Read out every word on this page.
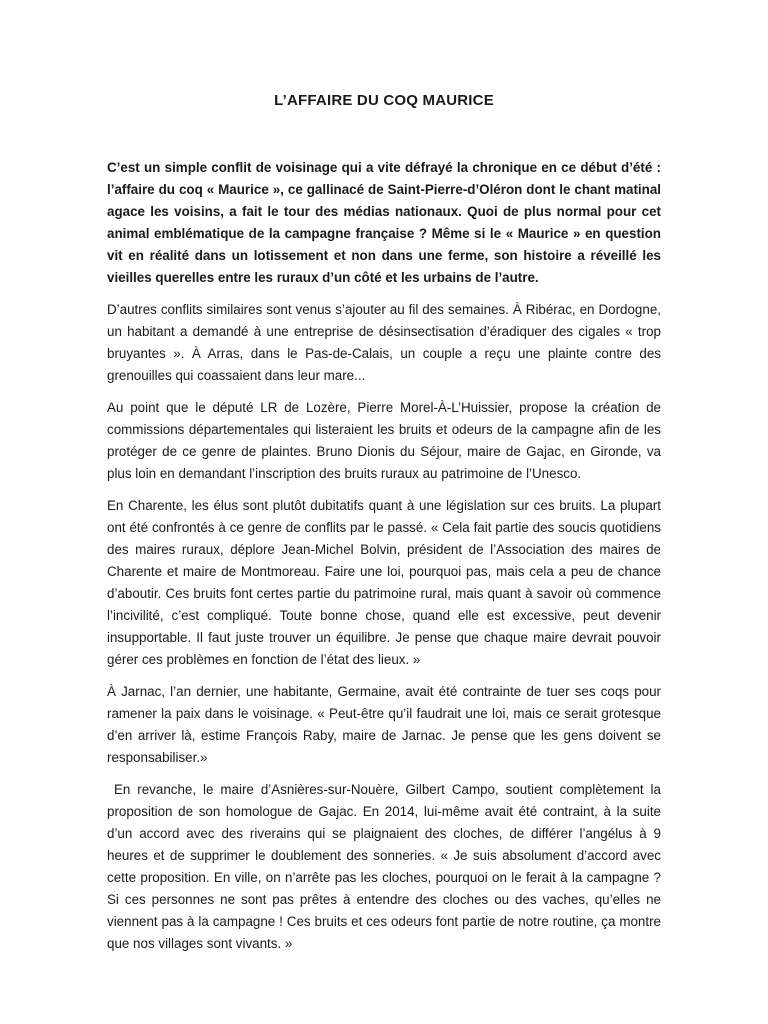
L’AFFAIRE DU COQ MAURICE

C’est un simple conflit de voisinage qui a vite défrayé la chronique en ce début d’été : l’affaire du coq « Maurice », ce gallinacé de Saint-Pierre-d’Oléron dont le chant matinal agace les voisins, a fait le tour des médias nationaux. Quoi de plus normal pour cet animal emblématique de la campagne française ? Même si le « Maurice » en question vit en réalité dans un lotissement et non dans une ferme, son histoire a réveillé les vieilles querelles entre les ruraux d’un côté et les urbains de l’autre.

D’autres conflits similaires sont venus s’ajouter au fil des semaines. À Ribérac, en Dordogne, un habitant a demandé à une entreprise de désinsectisation d’éradiquer des cigales « trop bruyantes ». À Arras, dans le Pas-de-Calais, un couple a reçu une plainte contre des grenouilles qui coassaient dans leur mare...

Au point que le député LR de Lozère, Pierre Morel-À-L’Huissier, propose la création de commissions départementales qui listeraient les bruits et odeurs de la campagne afin de les protéger de ce genre de plaintes. Bruno Dionis du Séjour, maire de Gajac, en Gironde, va plus loin en demandant l’inscription des bruits ruraux au patrimoine de l’Unesco.

En Charente, les élus sont plutôt dubitatifs quant à une législation sur ces bruits. La plupart ont été confrontés à ce genre de conflits par le passé. « Cela fait partie des soucis quotidiens des maires ruraux, déplore Jean-Michel Bolvin, président de l’Association des maires de Charente et maire de Montmoreau. Faire une loi, pourquoi pas, mais cela a peu de chance d’aboutir. Ces bruits font certes partie du patrimoine rural, mais quant à savoir où commence l’incivilité, c’est compliqué. Toute bonne chose, quand elle est excessive, peut devenir insupportable. Il faut juste trouver un équilibre. Je pense que chaque maire devrait pouvoir gérer ces problèmes en fonction de l’état des lieux. »

À Jarnac, l’an dernier, une habitante, Germaine, avait été contrainte de tuer ses coqs pour ramener la paix dans le voisinage. « Peut-être qu’il faudrait une loi, mais ce serait grotesque d’en arriver là, estime François Raby, maire de Jarnac. Je pense que les gens doivent se responsabiliser.»

En revanche, le maire d’Asnières-sur-Nouère, Gilbert Campo, soutient complètement la proposition de son homologue de Gajac. En 2014, lui-même avait été contraint, à la suite d’un accord avec des riverains qui se plaignaient des cloches, de différer l’angélus à 9 heures et de supprimer le doublement des sonneries. « Je suis absolument d’accord avec cette proposition. En ville, on n’arrête pas les cloches, pourquoi on le ferait à la campagne ? Si ces personnes ne sont pas prêtes à entendre des cloches ou des vaches, qu’elles ne viennent pas à la campagne ! Ces bruits et ces odeurs font partie de notre routine, ça montre que nos villages sont vivants. »
